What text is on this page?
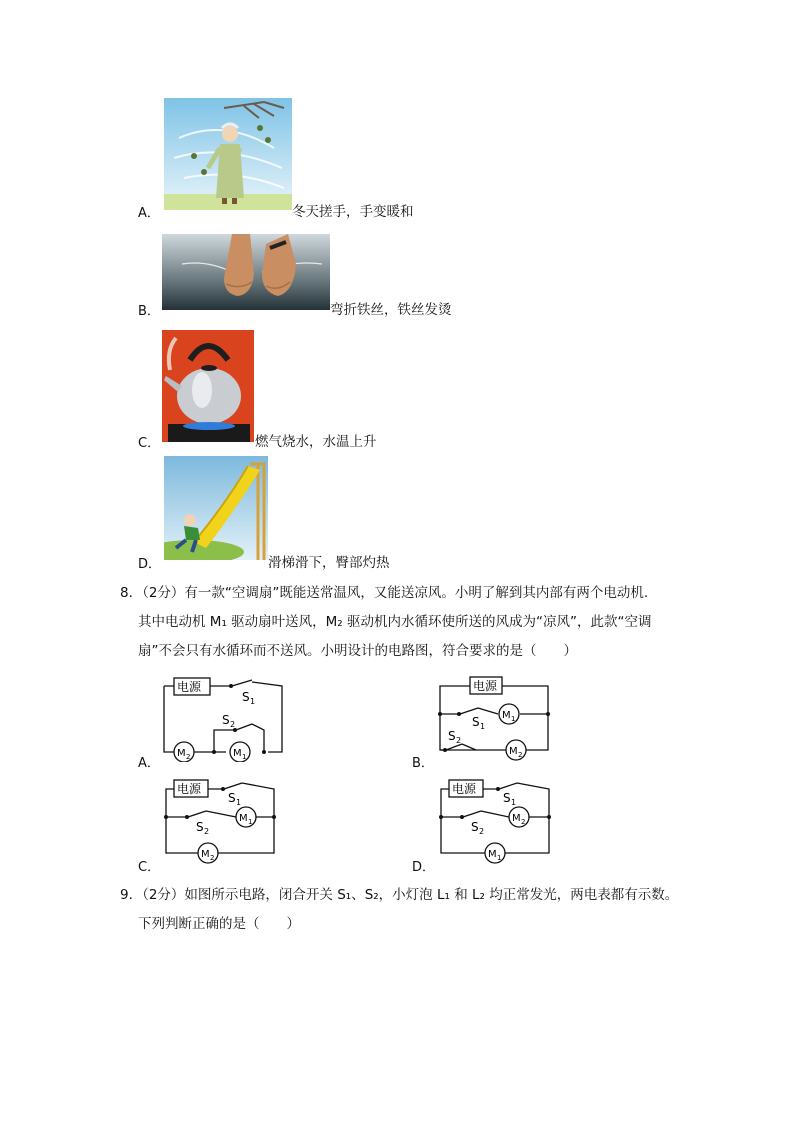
A．	冬天搓手，手变暖和
B．	弯折铁丝，铁丝发烫
C．	燃气烧水，水温上升
D．	滑梯滑下，臀部灼热
8．（2分）有一款“空调扇”既能送常温风，又能送凉风。小明了解到其内部有两个电动机.
其中电动机 M₁ 驱动扇叶送风，M₂ 驱动机内水循环使所送的风成为“凉风”，此款“空调
扇”不会只有水循环而不送风。小明设计的电路图，符合要求的是（　　）
电源
S 1
S 2
M 2	M 1
A．
电源
S 1
S 2
M 1
M 2
B．
电源
S 1
S 2
M 1
M 2
C．
电源
S 1
S 2
M 2
M 1
D．
9．（2分）如图所示电路，闭合开关 S₁、S₂，小灯泡 L₁ 和 L₂ 均正常发光，两电表都有示数。
下列判断正确的是（　　）
